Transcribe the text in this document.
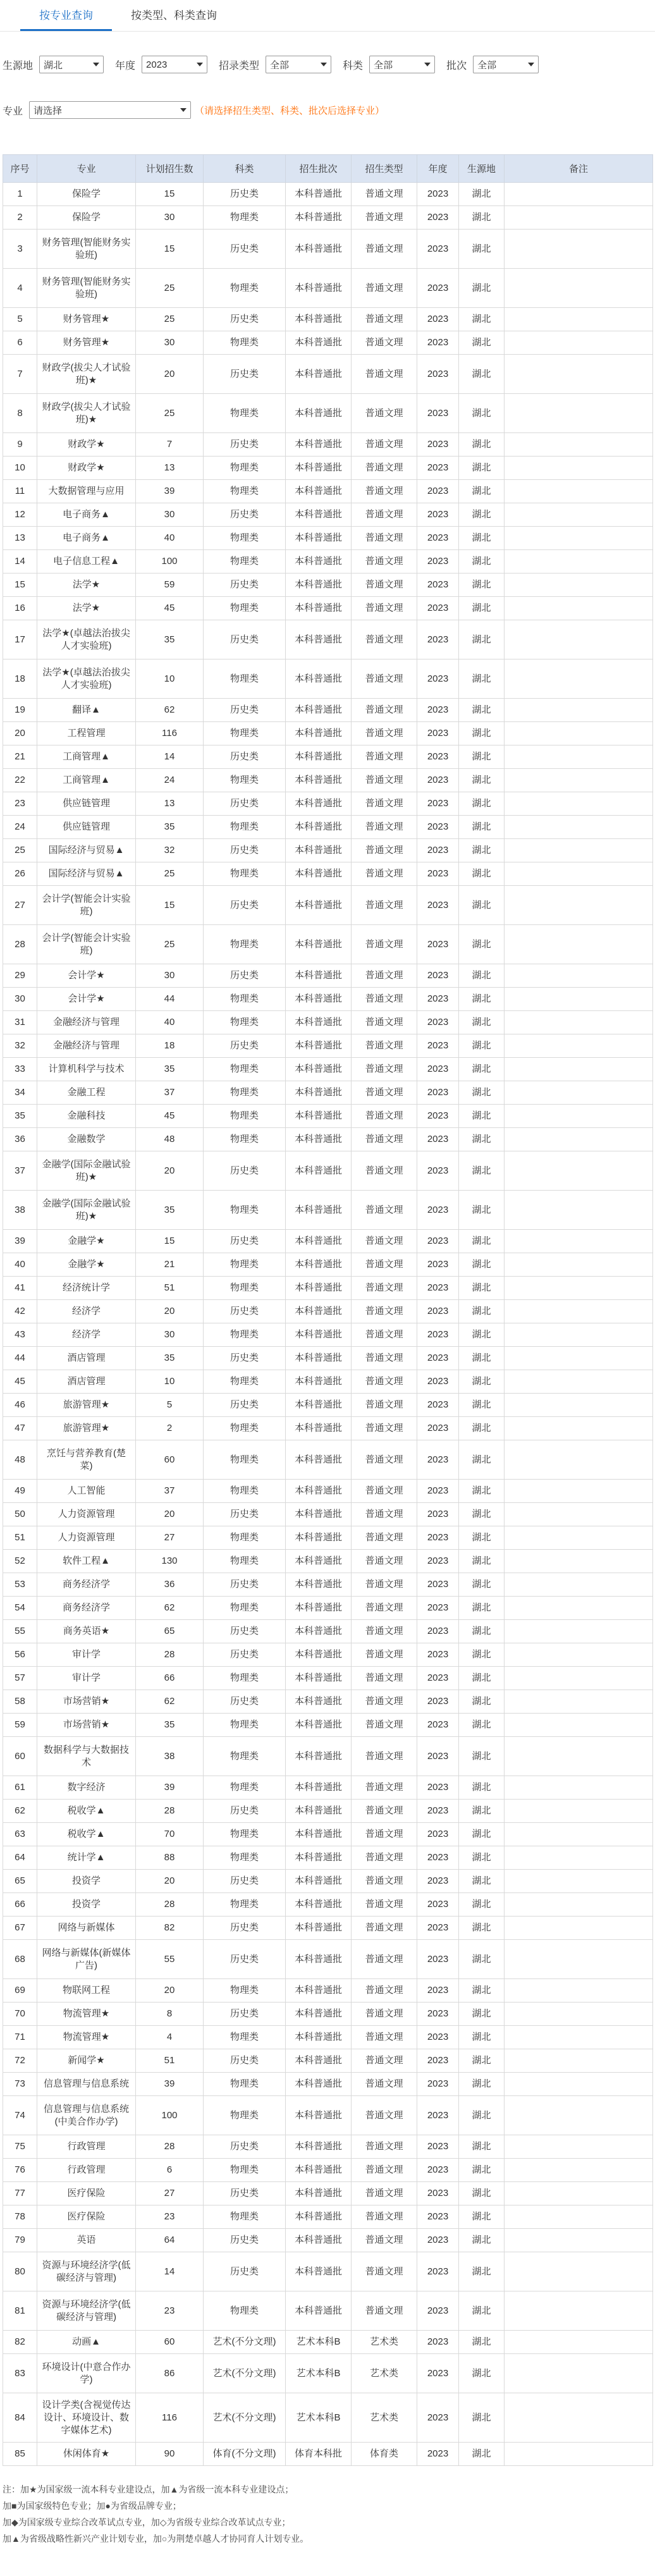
按专业查询	按类型、科类查询
生源地 湖北	年度 2023	招录类型 全部	科类 全部	批次 全部
专业 请选择	（请选择招生类型、科类、批次后选择专业）
序号	专业	计划招生数	科类	招生批次	招生类型	年度	生源地	备注
1	保险学	15	历史类	本科普通批	普通文理	2023	湖北	
2	保险学	30	物理类	本科普通批	普通文理	2023	湖北	
3	财务管理(智能财务实验班)	15	历史类	本科普通批	普通文理	2023	湖北	
4	财务管理(智能财务实验班)	25	物理类	本科普通批	普通文理	2023	湖北	
5	财务管理★	25	历史类	本科普通批	普通文理	2023	湖北	
6	财务管理★	30	物理类	本科普通批	普通文理	2023	湖北	
7	财政学(拔尖人才试验班)★	20	历史类	本科普通批	普通文理	2023	湖北	
8	财政学(拔尖人才试验班)★	25	物理类	本科普通批	普通文理	2023	湖北	
9	财政学★	7	历史类	本科普通批	普通文理	2023	湖北	
10	财政学★	13	物理类	本科普通批	普通文理	2023	湖北	
11	大数据管理与应用	39	物理类	本科普通批	普通文理	2023	湖北	
12	电子商务▲	30	历史类	本科普通批	普通文理	2023	湖北	
13	电子商务▲	40	物理类	本科普通批	普通文理	2023	湖北	
14	电子信息工程▲	100	物理类	本科普通批	普通文理	2023	湖北	
15	法学★	59	历史类	本科普通批	普通文理	2023	湖北	
16	法学★	45	物理类	本科普通批	普通文理	2023	湖北	
17	法学★(卓越法治拔尖人才实验班)	35	历史类	本科普通批	普通文理	2023	湖北	
18	法学★(卓越法治拔尖人才实验班)	10	物理类	本科普通批	普通文理	2023	湖北	
19	翻译▲	62	历史类	本科普通批	普通文理	2023	湖北	
20	工程管理	116	物理类	本科普通批	普通文理	2023	湖北	
21	工商管理▲	14	历史类	本科普通批	普通文理	2023	湖北	
22	工商管理▲	24	物理类	本科普通批	普通文理	2023	湖北	
23	供应链管理	13	历史类	本科普通批	普通文理	2023	湖北	
24	供应链管理	35	物理类	本科普通批	普通文理	2023	湖北	
25	国际经济与贸易▲	32	历史类	本科普通批	普通文理	2023	湖北	
26	国际经济与贸易▲	25	物理类	本科普通批	普通文理	2023	湖北	
27	会计学(智能会计实验班)	15	历史类	本科普通批	普通文理	2023	湖北	
28	会计学(智能会计实验班)	25	物理类	本科普通批	普通文理	2023	湖北	
29	会计学★	30	历史类	本科普通批	普通文理	2023	湖北	
30	会计学★	44	物理类	本科普通批	普通文理	2023	湖北	
31	金融经济与管理	40	物理类	本科普通批	普通文理	2023	湖北	
32	金融经济与管理	18	历史类	本科普通批	普通文理	2023	湖北	
33	计算机科学与技术	35	物理类	本科普通批	普通文理	2023	湖北	
34	金融工程	37	物理类	本科普通批	普通文理	2023	湖北	
35	金融科技	45	物理类	本科普通批	普通文理	2023	湖北	
36	金融数学	48	物理类	本科普通批	普通文理	2023	湖北	
37	金融学(国际金融试验班)★	20	历史类	本科普通批	普通文理	2023	湖北	
38	金融学(国际金融试验班)★	35	物理类	本科普通批	普通文理	2023	湖北	
39	金融学★	15	历史类	本科普通批	普通文理	2023	湖北	
40	金融学★	21	物理类	本科普通批	普通文理	2023	湖北	
41	经济统计学	51	物理类	本科普通批	普通文理	2023	湖北	
42	经济学	20	历史类	本科普通批	普通文理	2023	湖北	
43	经济学	30	物理类	本科普通批	普通文理	2023	湖北	
44	酒店管理	35	历史类	本科普通批	普通文理	2023	湖北	
45	酒店管理	10	物理类	本科普通批	普通文理	2023	湖北	
46	旅游管理★	5	历史类	本科普通批	普通文理	2023	湖北	
47	旅游管理★	2	物理类	本科普通批	普通文理	2023	湖北	
48	烹饪与营养教育(楚菜)	60	物理类	本科普通批	普通文理	2023	湖北	
49	人工智能	37	物理类	本科普通批	普通文理	2023	湖北	
50	人力资源管理	20	历史类	本科普通批	普通文理	2023	湖北	
51	人力资源管理	27	物理类	本科普通批	普通文理	2023	湖北	
52	软件工程▲	130	物理类	本科普通批	普通文理	2023	湖北	
53	商务经济学	36	历史类	本科普通批	普通文理	2023	湖北	
54	商务经济学	62	物理类	本科普通批	普通文理	2023	湖北	
55	商务英语★	65	历史类	本科普通批	普通文理	2023	湖北	
56	审计学	28	历史类	本科普通批	普通文理	2023	湖北	
57	审计学	66	物理类	本科普通批	普通文理	2023	湖北	
58	市场营销★	62	历史类	本科普通批	普通文理	2023	湖北	
59	市场营销★	35	物理类	本科普通批	普通文理	2023	湖北	
60	数据科学与大数据技术	38	物理类	本科普通批	普通文理	2023	湖北	
61	数字经济	39	物理类	本科普通批	普通文理	2023	湖北	
62	税收学▲	28	历史类	本科普通批	普通文理	2023	湖北	
63	税收学▲	70	物理类	本科普通批	普通文理	2023	湖北	
64	统计学▲	88	物理类	本科普通批	普通文理	2023	湖北	
65	投资学	20	历史类	本科普通批	普通文理	2023	湖北	
66	投资学	28	物理类	本科普通批	普通文理	2023	湖北	
67	网络与新媒体	82	历史类	本科普通批	普通文理	2023	湖北	
68	网络与新媒体(新媒体广告)	55	历史类	本科普通批	普通文理	2023	湖北	
69	物联网工程	20	物理类	本科普通批	普通文理	2023	湖北	
70	物流管理★	8	历史类	本科普通批	普通文理	2023	湖北	
71	物流管理★	4	物理类	本科普通批	普通文理	2023	湖北	
72	新闻学★	51	历史类	本科普通批	普通文理	2023	湖北	
73	信息管理与信息系统	39	物理类	本科普通批	普通文理	2023	湖北	
74	信息管理与信息系统(中美合作办学)	100	物理类	本科普通批	普通文理	2023	湖北	
75	行政管理	28	历史类	本科普通批	普通文理	2023	湖北	
76	行政管理	6	物理类	本科普通批	普通文理	2023	湖北	
77	医疗保险	27	历史类	本科普通批	普通文理	2023	湖北	
78	医疗保险	23	物理类	本科普通批	普通文理	2023	湖北	
79	英语	64	历史类	本科普通批	普通文理	2023	湖北	
80	资源与环境经济学(低碳经济与管理)	14	历史类	本科普通批	普通文理	2023	湖北	
81	资源与环境经济学(低碳经济与管理)	23	物理类	本科普通批	普通文理	2023	湖北	
82	动画▲	60	艺术(不分文理)	艺术本科B	艺术类	2023	湖北	
83	环境设计(中意合作办学)	86	艺术(不分文理)	艺术本科B	艺术类	2023	湖北	
84	设计学类(含视觉传达设计、环境设计、数字媒体艺术)	116	艺术(不分文理)	艺术本科B	艺术类	2023	湖北	
85	休闲体育★	90	体育(不分文理)	体育本科批	体育类	2023	湖北	
注：加★为国家级一流本科专业建设点，加▲为省级一流本科专业建设点；
加■为国家级特色专业；加●为省级品牌专业；
加◆为国家级专业综合改革试点专业，加◇为省级专业综合改革试点专业；
加▲为省级战略性新兴产业计划专业，加○为荆楚卓越人才协同育人计划专业。
